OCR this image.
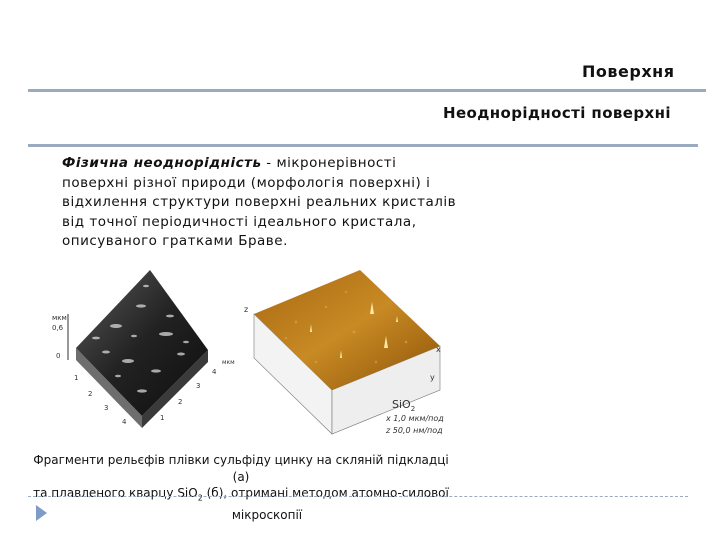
Поверхня
Неоднорідності поверхні
Фізична неоднорідність - мікронерівності поверхні різної природи (морфологія поверхні) і відхилення структури поверхні реальних кристалів від точної періодичності ідеального кристала, описуваного гратками Браве.
мкм
0,6
0
1
2
3
4	1
2
3
4
мкм
z
y
x
SiO$_2$
x 1,0 мкм/под
z 50,0 нм/под
Фрагменти рельєфів плівки сульфіду цинку на скляній підкладці (а)
та плавленого кварцу SiO$_2$ (б), отримані методом атомно-силової

мікроскопії
